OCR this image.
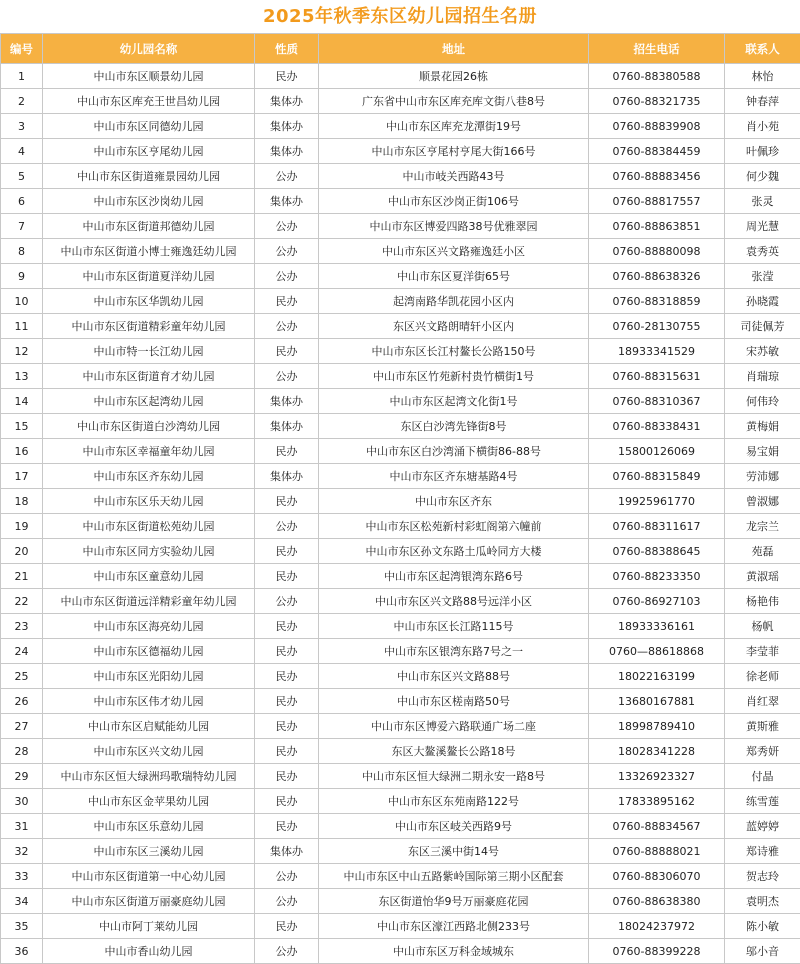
2025年秋季东区幼儿园招生名册
编号	幼儿园名称	性质	地址	招生电话	联系人
1	中山市东区顺景幼儿园	民办	顺景花园26栋	0760-88380588	林怡
2	中山市东区库充王世昌幼儿园	集体办	广东省中山市东区库充库文街八巷8号	0760-88321735	钟春萍
3	中山市东区同德幼儿园	集体办	中山市东区库充龙潭街19号	0760-88839908	肖小苑
4	中山市东区亨尾幼儿园	集体办	中山市东区亨尾村亨尾大街166号	0760-88384459	叶佩珍
5	中山市东区街道雍景园幼儿园	公办	中山市岐关西路43号	0760-88883456	何少魏
6	中山市东区沙岗幼儿园	集体办	中山市东区沙岗正街106号	0760-88817557	张灵
7	中山市东区街道邦德幼儿园	公办	中山市东区博爱四路38号优雅翠园	0760-88863851	周光慧
8	中山市东区街道小博士雍逸廷幼儿园	公办	中山市东区兴文路雍逸廷小区	0760-88880098	袁秀英
9	中山市东区街道夏洋幼儿园	公办	中山市东区夏洋街65号	0760-88638326	张滢
10	中山市东区华凯幼儿园	民办	起湾南路华凯花园小区内	0760-88318859	孙晓霞
11	中山市东区街道精彩童年幼儿园	公办	东区兴文路朗晴轩小区内	0760-28130755	司徒佩芳
12	中山市特一长江幼儿园	民办	中山市东区长江村鳌长公路150号	18933341529	宋苏敏
13	中山市东区街道育才幼儿园	公办	中山市东区竹苑新村贵竹横街1号	0760-88315631	肖瑞琼
14	中山市东区起湾幼儿园	集体办	中山市东区起湾文化街1号	0760-88310367	何伟玲
15	中山市东区街道白沙湾幼儿园	集体办	东区白沙湾先锋街8号	0760-88338431	黄梅娟
16	中山市东区幸福童年幼儿园	民办	中山市东区白沙湾涌下横街86-88号	15800126069	易宝娟
17	中山市东区齐东幼儿园	集体办	中山市东区齐东塘基路4号	0760-88315849	劳沛娜
18	中山市东区乐天幼儿园	民办	中山市东区齐东	19925961770	曾淑娜
19	中山市东区街道松苑幼儿园	公办	中山市东区松苑新村彩虹阁第六幢前	0760-88311617	龙宗兰
20	中山市东区同方实验幼儿园	民办	中山市东区孙文东路土瓜岭同方大楼	0760-88388645	苑磊
21	中山市东区童意幼儿园	民办	中山市东区起湾银湾东路6号	0760-88233350	黄淑瑶
22	中山市东区街道远洋精彩童年幼儿园	公办	中山市东区兴文路88号远洋小区	0760-86927103	杨艳伟
23	中山市东区海亮幼儿园	民办	中山市东区长江路115号	18933336161	杨帆
24	中山市东区德福幼儿园	民办	中山市东区银湾东路7号之一	0760—88618868	李莹菲
25	中山市东区光阳幼儿园	民办	中山市东区兴文路88号	18022163199	徐老师
26	中山市东区伟才幼儿园	民办	中山市东区槎南路50号	13680167881	肖红翠
27	中山市东区启赋能幼儿园	民办	中山市东区博爱六路联通广场二座	18998789410	黄斯雅
28	中山市东区兴文幼儿园	民办	东区大鳌溪鳌长公路18号	18028341228	郑秀妍
29	中山市东区恒大绿洲玛歌瑞特幼儿园	民办	中山市东区恒大绿洲二期永安一路8号	13326923327	付晶
30	中山市东区金苹果幼儿园	民办	中山市东区东苑南路122号	17833895162	练雪莲
31	中山市东区乐意幼儿园	民办	中山市东区岐关西路9号	0760-88834567	蓝婷婷
32	中山市东区三溪幼儿园	集体办	东区三溪中街14号	0760-88888021	郑诗雅
33	中山市东区街道第一中心幼儿园	公办	中山市东区中山五路紫岭国际第三期小区配套	0760-88306070	贺志玲
34	中山市东区街道万丽豪庭幼儿园	公办	东区街道怡华9号万丽豪庭花园	0760-88638380	袁明杰
35	中山市阿丁莱幼儿园	民办	中山市东区濠江西路北侧233号	18024237972	陈小敏
36	中山市香山幼儿园	公办	中山市东区万科金域城东	0760-88399228	邬小音
